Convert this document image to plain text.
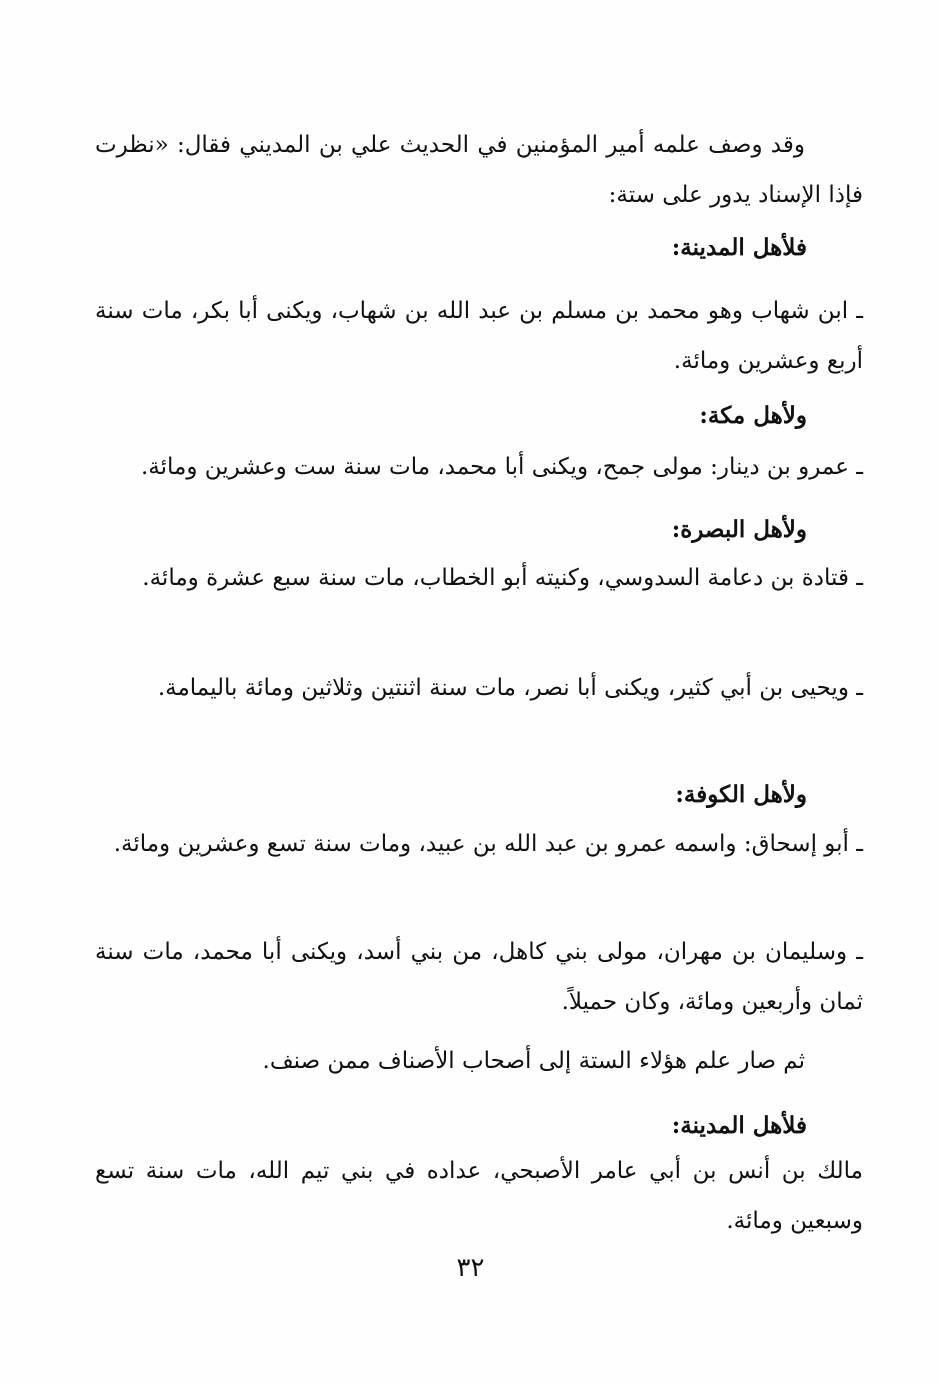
وقد وصف علمه أمير المؤمنين في الحديث علي بن المديني فقال: «نظرت فإذا الإسناد يدور على ستة:
فلأهل المدينة:
ـ ابن شهاب وهو محمد بن مسلم بن عبد الله بن شهاب، ويكنى أبا بكر، مات سنة أربع وعشرين ومائة.
ولأهل مكة:
ـ عمرو بن دينار: مولى جمح، ويكنى أبا محمد، مات سنة ست وعشرين ومائة.
ولأهل البصرة:
ـ قتادة بن دعامة السدوسي، وكنيته أبو الخطاب، مات سنة سبع عشرة ومائة.
ـ ويحيى بن أبي كثير، ويكنى أبا نصر، مات سنة اثنتين وثلاثين ومائة باليمامة.
ولأهل الكوفة:
ـ أبو إسحاق: واسمه عمرو بن عبد الله بن عبيد، ومات سنة تسع وعشرين ومائة.
ـ وسليمان بن مهران، مولى بني كاهل، من بني أسد، ويكنى أبا محمد، مات سنة ثمان وأربعين ومائة، وكان حميلاً.
ثم صار علم هؤلاء الستة إلى أصحاب الأصناف ممن صنف.
فلأهل المدينة:
مالك بن أنس بن أبي عامر الأصبحي، عداده في بني تيم الله، مات سنة تسع وسبعين ومائة.
٣٢
